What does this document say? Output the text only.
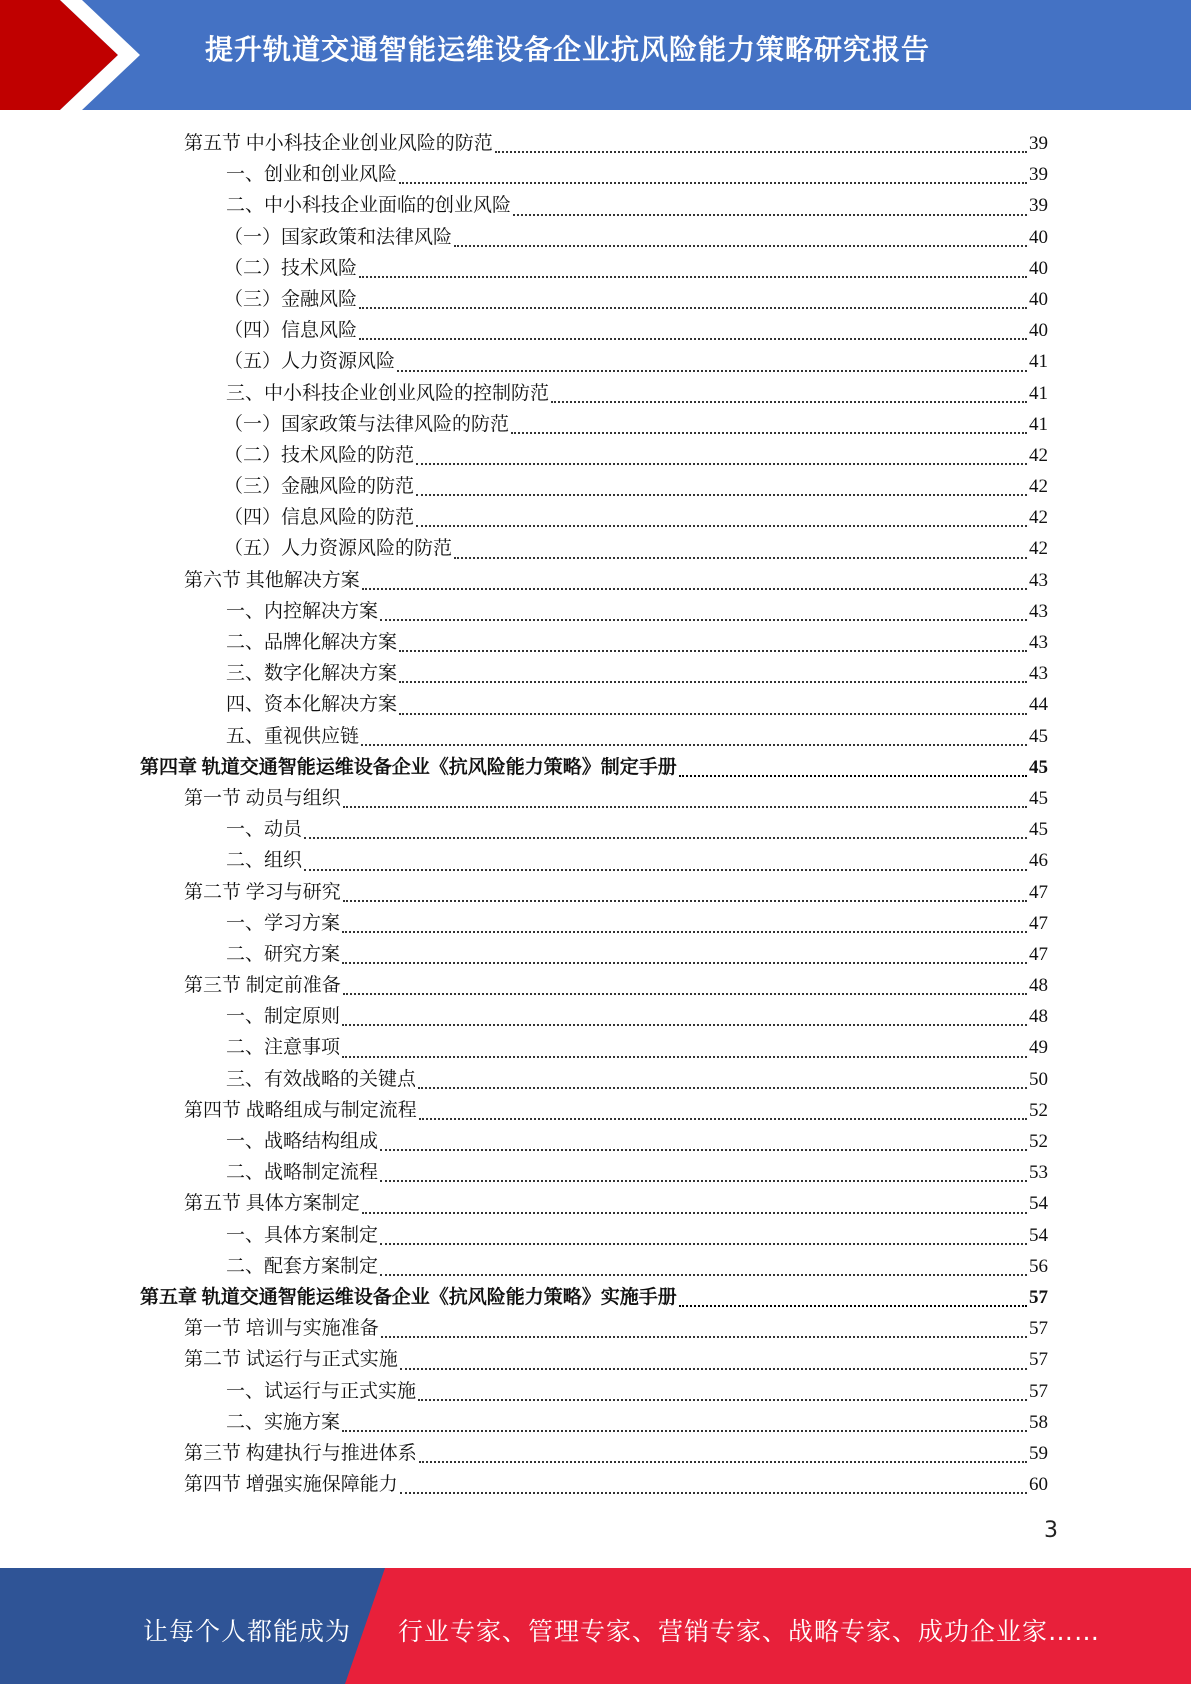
提升轨道交通智能运维设备企业抗风险能力策略研究报告
第五节 中小科技企业创业风险的防范	39
一、创业和创业风险	39
二、中小科技企业面临的创业风险	39
（一）国家政策和法律风险	40
（二）技术风险	40
（三）金融风险	40
（四）信息风险	40
（五）人力资源风险	41
三、中小科技企业创业风险的控制防范	41
（一）国家政策与法律风险的防范	41
（二）技术风险的防范	42
（三）金融风险的防范	42
（四）信息风险的防范	42
（五）人力资源风险的防范	42
第六节 其他解决方案	43
一、内控解决方案	43
二、品牌化解决方案	43
三、数字化解决方案	43
四、资本化解决方案	44
五、重视供应链	45
第四章 轨道交通智能运维设备企业《抗风险能力策略》制定手册	45
第一节 动员与组织	45
一、动员	45
二、组织	46
第二节 学习与研究	47
一、学习方案	47
二、研究方案	47
第三节 制定前准备	48
一、制定原则	48
二、注意事项	49
三、有效战略的关键点	50
第四节 战略组成与制定流程	52
一、战略结构组成	52
二、战略制定流程	53
第五节 具体方案制定	54
一、具体方案制定	54
二、配套方案制定	56
第五章 轨道交通智能运维设备企业《抗风险能力策略》实施手册	57
第一节 培训与实施准备	57
第二节 试运行与正式实施	57
一、试运行与正式实施	57
二、实施方案	58
第三节 构建执行与推进体系	59
第四节 增强实施保障能力	60
3
让每个人都能成为 行业专家、管理专家、营销专家、战略专家、成功企业家……
